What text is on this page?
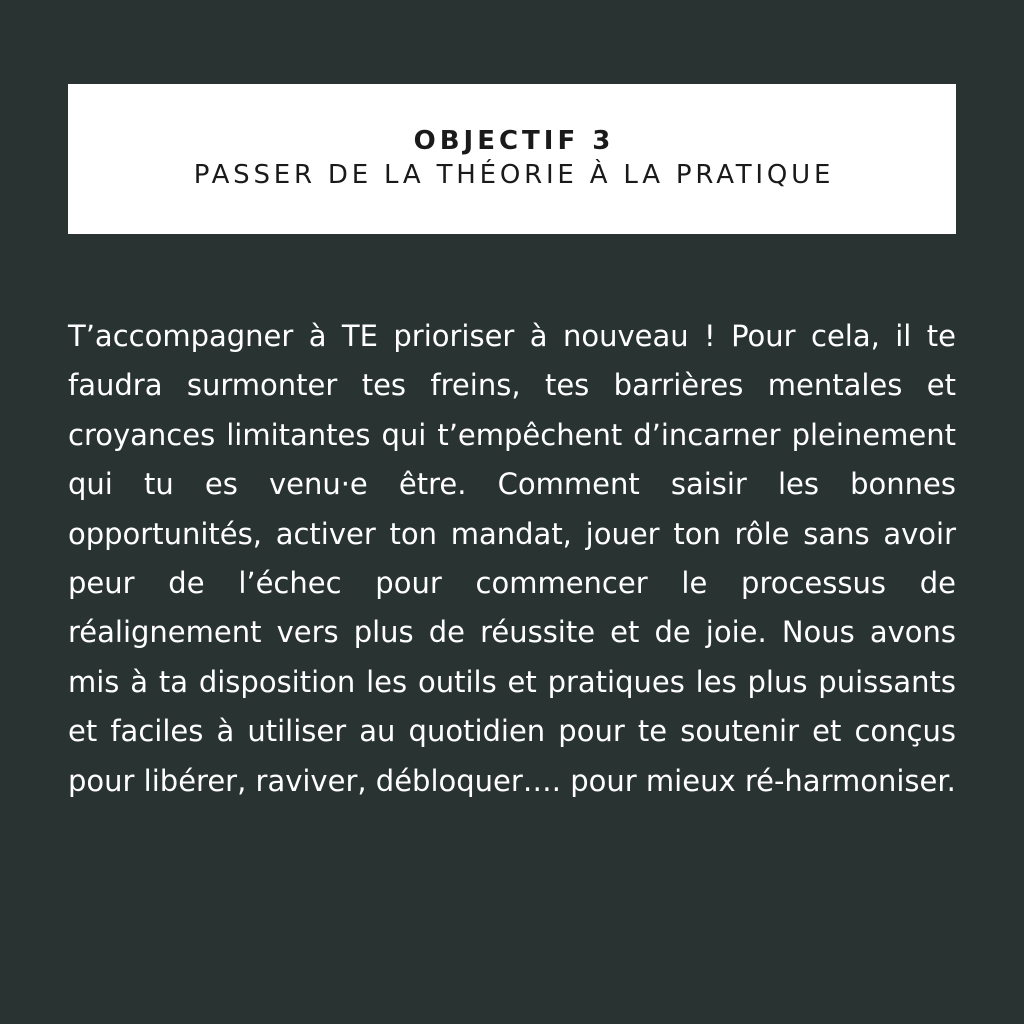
OBJECTIF 3

PASSER DE LA THÉORIE À LA PRATIQUE

T’accompagner à TE prioriser à nouveau ! Pour cela, il te faudra surmonter tes freins, tes barrières mentales et croyances limitantes qui t’empêchent d’incarner pleinement qui tu es venu·e être. Comment saisir les bonnes opportunités, activer ton mandat, jouer ton rôle sans avoir peur de l’échec pour commencer le processus de réalignement vers plus de réussite et de joie. Nous avons mis à ta disposition les outils et pratiques les plus puissants et faciles à utiliser au quotidien pour te soutenir et conçus pour libérer, raviver, débloquer…. pour mieux ré-harmoniser.
